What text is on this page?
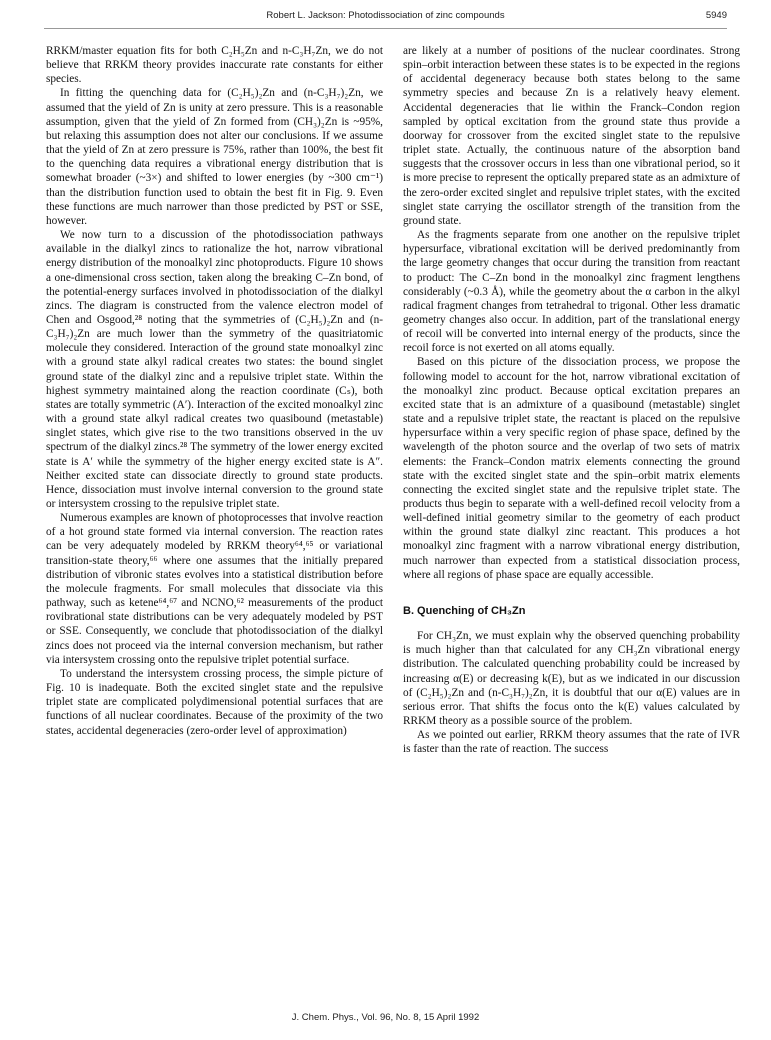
Robert L. Jackson: Photodissociation of zinc compounds	5949

RRKM/master equation fits for both C₂H₅Zn and n-C₃H₇Zn, we do not believe that RRKM theory provides inaccurate rate constants for either species.

In fitting the quenching data for (C₂H₅)₂Zn and (n-C₃H₇)₂Zn, we assumed that the yield of Zn is unity at zero pressure. This is a reasonable assumption, given that the yield of Zn formed from (CH₃)₂Zn is ~95%, but relaxing this assumption does not alter our conclusions. If we assume that the yield of Zn at zero pressure is 75%, rather than 100%, the best fit to the quenching data requires a vibrational energy distribution that is somewhat broader (~3×) and shifted to lower energies (by ~300 cm⁻¹) than the distribution function used to obtain the best fit in Fig. 9. Even these functions are much narrower than those predicted by PST or SSE, however.

We now turn to a discussion of the photodissociation pathways available in the dialkyl zincs to rationalize the hot, narrow vibrational energy distribution of the monoalkyl zinc photoproducts. Figure 10 shows a one-dimensional cross section, taken along the breaking C–Zn bond, of the potential-energy surfaces involved in photodissociation of the dialkyl zincs. The diagram is constructed from the valence electron model of Chen and Osgood,²⁸ noting that the symmetries of (C₂H₅)₂Zn and (n-C₃H₇)₂Zn are much lower than the symmetry of the quasitriatomic molecule they considered. Interaction of the ground state monoalkyl zinc with a ground state alkyl radical creates two states: the bound singlet ground state of the dialkyl zinc and a repulsive triplet state. Within the highest symmetry maintained along the reaction coordinate (Cₛ), both states are totally symmetric (A′). Interaction of the excited monoalkyl zinc with a ground state alkyl radical creates two quasibound (metastable) singlet states, which give rise to the two transitions observed in the uv spectrum of the dialkyl zincs.²⁸ The symmetry of the lower energy excited state is A′ while the symmetry of the higher energy excited state is A″. Neither excited state can dissociate directly to ground state products. Hence, dissociation must involve internal conversion to the ground state or intersystem crossing to the repulsive triplet state.

Numerous examples are known of photoprocesses that involve reaction of a hot ground state formed via internal conversion. The reaction rates can be very adequately modeled by RRKM theory⁶⁴,⁶⁵ or variational transition-state theory,⁶⁶ where one assumes that the initially prepared distribution of vibronic states evolves into a statistical distribution before the molecule fragments. For small molecules that dissociate via this pathway, such as ketene⁶⁴,⁶⁷ and NCNO,⁶² measurements of the product rovibrational state distributions can be very adequately modeled by PST or SSE. Consequently, we conclude that photodissociation of the dialkyl zincs does not proceed via the internal conversion mechanism, but rather via intersystem crossing onto the repulsive triplet potential surface.

To understand the intersystem crossing process, the simple picture of Fig. 10 is inadequate. Both the excited singlet state and the repulsive triplet state are complicated polydimensional potential surfaces that are functions of all nuclear coordinates. Because of the proximity of the two states, accidental degeneracies (zero-order level of approximation)

are likely at a number of positions of the nuclear coordinates. Strong spin–orbit interaction between these states is to be expected in the regions of accidental degeneracy because both states belong to the same symmetry species and because Zn is a relatively heavy element. Accidental degeneracies that lie within the Franck–Condon region sampled by optical excitation from the ground state thus provide a doorway for crossover from the excited singlet state to the repulsive triplet state. Actually, the continuous nature of the absorption band suggests that the crossover occurs in less than one vibrational period, so it is more precise to represent the optically prepared state as an admixture of the zero-order excited singlet and repulsive triplet states, with the excited singlet state carrying the oscillator strength of the transition from the ground state.

As the fragments separate from one another on the repulsive triplet hypersurface, vibrational excitation will be derived predominantly from the large geometry changes that occur during the transition from reactant to product: The C–Zn bond in the monoalkyl zinc fragment lengthens considerably (~0.3 Å), while the geometry about the α carbon in the alkyl radical fragment changes from tetrahedral to trigonal. Other less dramatic geometry changes also occur. In addition, part of the translational energy of recoil will be converted into internal energy of the products, since the recoil force is not exerted on all atoms equally.

Based on this picture of the dissociation process, we propose the following model to account for the hot, narrow vibrational excitation of the monoalkyl zinc product. Because optical excitation prepares an excited state that is an admixture of a quasibound (metastable) singlet state and a repulsive triplet state, the reactant is placed on the repulsive hypersurface within a very specific region of phase space, defined by the wavelength of the photon source and the overlap of two sets of matrix elements: the Franck–Condon matrix elements connecting the ground state with the excited singlet state and the spin–orbit matrix elements connecting the excited singlet state and the repulsive triplet state. The products thus begin to separate with a well-defined recoil velocity from a well-defined initial geometry similar to the geometry of each product within the ground state dialkyl zinc reactant. This produces a hot monoalkyl zinc fragment with a narrow vibrational energy distribution, much narrower than expected from a statistical dissociation process, where all regions of phase space are equally accessible.

B. Quenching of CH₃Zn

For CH₃Zn, we must explain why the observed quenching probability is much higher than that calculated for any CH₃Zn vibrational energy distribution. The calculated quenching probability could be increased by increasing α(E) or decreasing k(E), but as we indicated in our discussion of (C₂H₅)₂Zn and (n-C₃H₇)₂Zn, it is doubtful that our α(E) values are in serious error. That shifts the focus onto the k(E) values calculated by RRKM theory as a possible source of the problem.

As we pointed out earlier, RRKM theory assumes that the rate of IVR is faster than the rate of reaction. The success

J. Chem. Phys., Vol. 96, No. 8, 15 April 1992
